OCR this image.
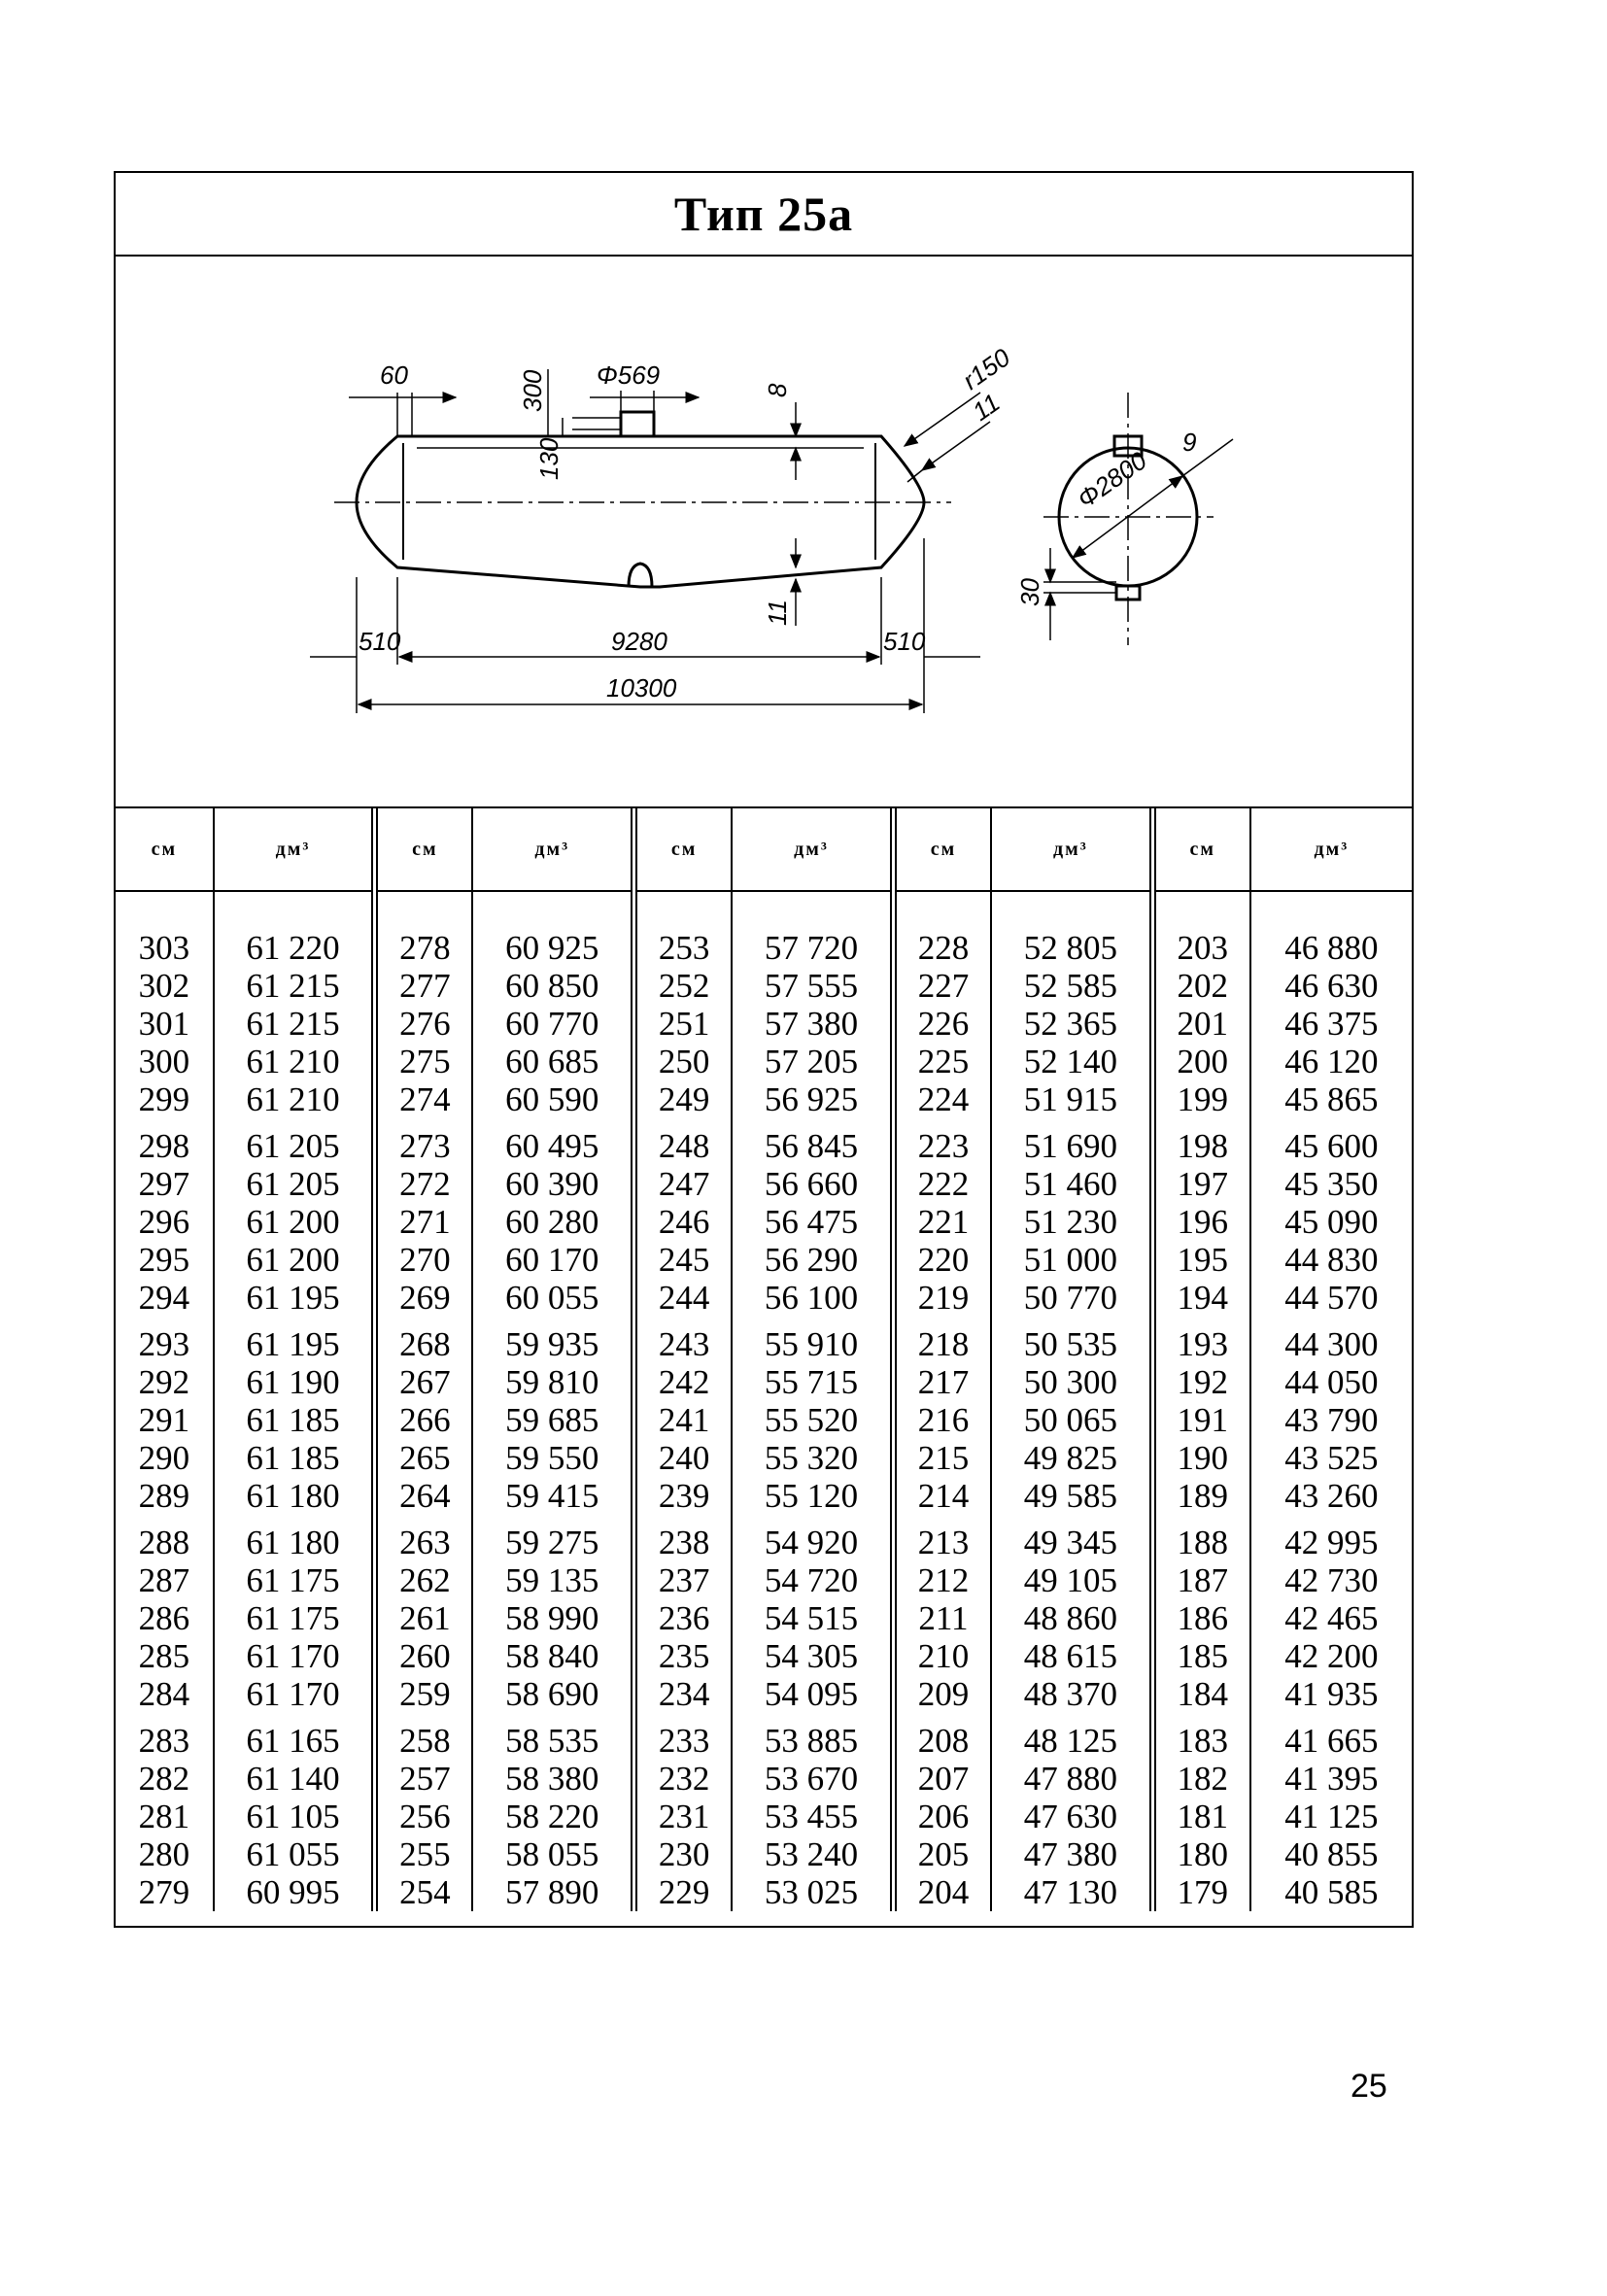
Тип 25а
60	300 Φ569
8	r150
11
130
11
510	9280	510
10300
Φ2800
9
30
см	дм³	см	дм³	см	дм³	см	дм³	см	дм³

303	61 220	278	60 925	253	57 720	228	52 805	203	46 880
302	61 215	277	60 850	252	57 555	227	52 585	202	46 630
301	61 215	276	60 770	251	57 380	226	52 365	201	46 375
300	61 210	275	60 685	250	57 205	225	52 140	200	46 120
299	61 210	274	60 590	249	56 925	224	51 915	199	45 865
298	61 205	273	60 495	248	56 845	223	51 690	198	45 600
297	61 205	272	60 390	247	56 660	222	51 460	197	45 350
296	61 200	271	60 280	246	56 475	221	51 230	196	45 090
295	61 200	270	60 170	245	56 290	220	51 000	195	44 830
294	61 195	269	60 055	244	56 100	219	50 770	194	44 570
293	61 195	268	59 935	243	55 910	218	50 535	193	44 300
292	61 190	267	59 810	242	55 715	217	50 300	192	44 050
291	61 185	266	59 685	241	55 520	216	50 065	191	43 790
290	61 185	265	59 550	240	55 320	215	49 825	190	43 525
289	61 180	264	59 415	239	55 120	214	49 585	189	43 260
288	61 180	263	59 275	238	54 920	213	49 345	188	42 995
287	61 175	262	59 135	237	54 720	212	49 105	187	42 730
286	61 175	261	58 990	236	54 515	211	48 860	186	42 465
285	61 170	260	58 840	235	54 305	210	48 615	185	42 200
284	61 170	259	58 690	234	54 095	209	48 370	184	41 935
283	61 165	258	58 535	233	53 885	208	48 125	183	41 665
282	61 140	257	58 380	232	53 670	207	47 880	182	41 395
281	61 105	256	58 220	231	53 455	206	47 630	181	41 125
280	61 055	255	58 055	230	53 240	205	47 380	180	40 855
279	60 995	254	57 890	229	53 025	204	47 130	179	40 585
25
